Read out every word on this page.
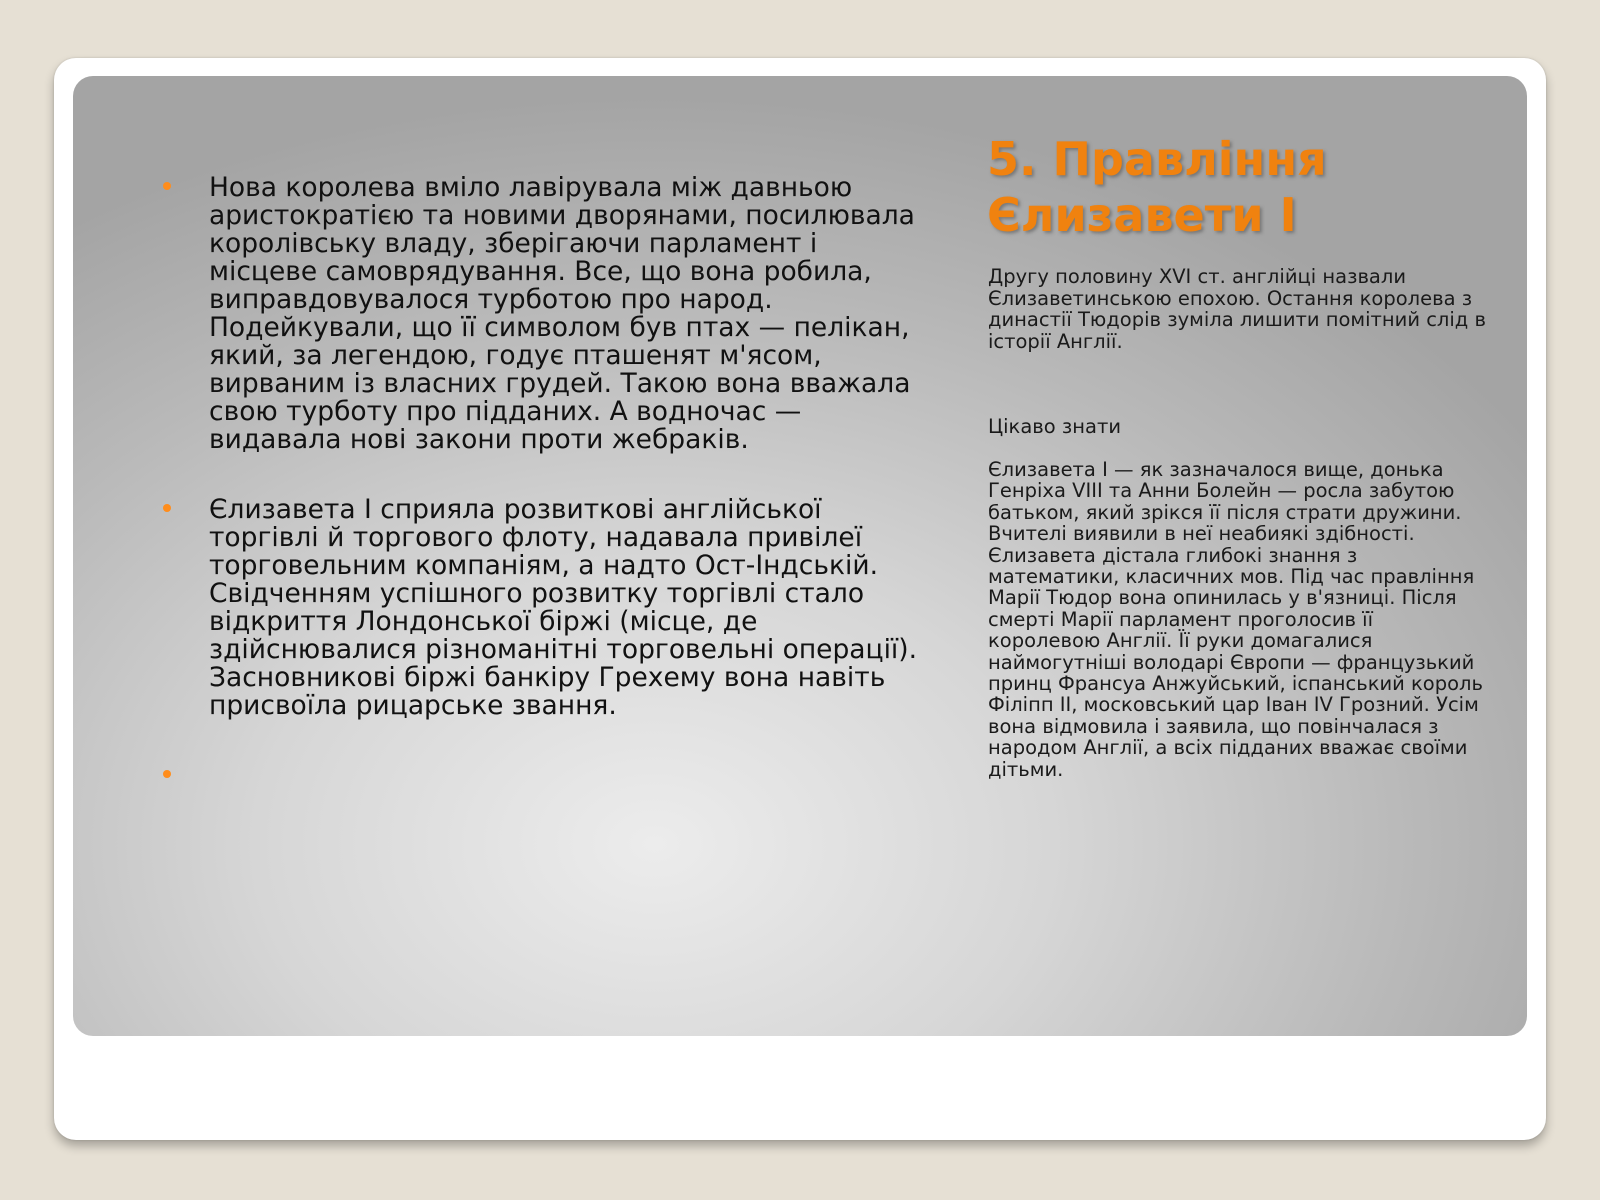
Нова королева вміло лавірувала між давньою аристократією та новими дворянами, посилювала королівську владу, зберігаючи парламент і місцеве самоврядування. Все, що вона робила, виправдовувалося турботою про народ. Подейкували, що її символом був птах — пелікан, який, за легендою, годує пташенят м'ясом, вирваним із власних грудей. Такою вона вважала свою турботу про підданих. А водночас — видавала нові закони проти жебраків.
Єлизавета I сприяла розвиткові англійської торгівлі й торгового флоту, надавала привілеї торговельним компаніям, а надто Ост-Індській. Свідченням успішного розвитку торгівлі стало відкриття Лондонської біржі (місце, де здійснювалися різноманітні торговельні операції). Засновникові біржі банкіру Грехему вона навіть присвоїла рицарське звання.
5. Правління Єлизавети I

Другу половину XVI ст. англійці назвали Єлизаветинською епохою. Остання королева з династії Тюдорів зуміла лишити помітний слід в історії Англії.

Цікаво знати

Єлизавета I — як зазначалося вище, донька Генріха VIII та Анни Болейн — росла забутою батьком, який зрікся її після страти дружини. Вчителі виявили в неї неабиякі здібності. Єлизавета дістала глибокі знання з математики, класичних мов. Під час правління Марії Тюдор вона опинилась у в'язниці. Після смерті Марії парламент проголосив її королевою Англії. Її руки домагалися наймогутніші володарі Європи — французький принц Франсуа Анжуйський, іспанський король Філіпп II, московський цар Іван IV Грозний. Усім вона відмовила і заявила, що повінчалася з народом Англії, а всіх підданих вважає своїми дітьми.
